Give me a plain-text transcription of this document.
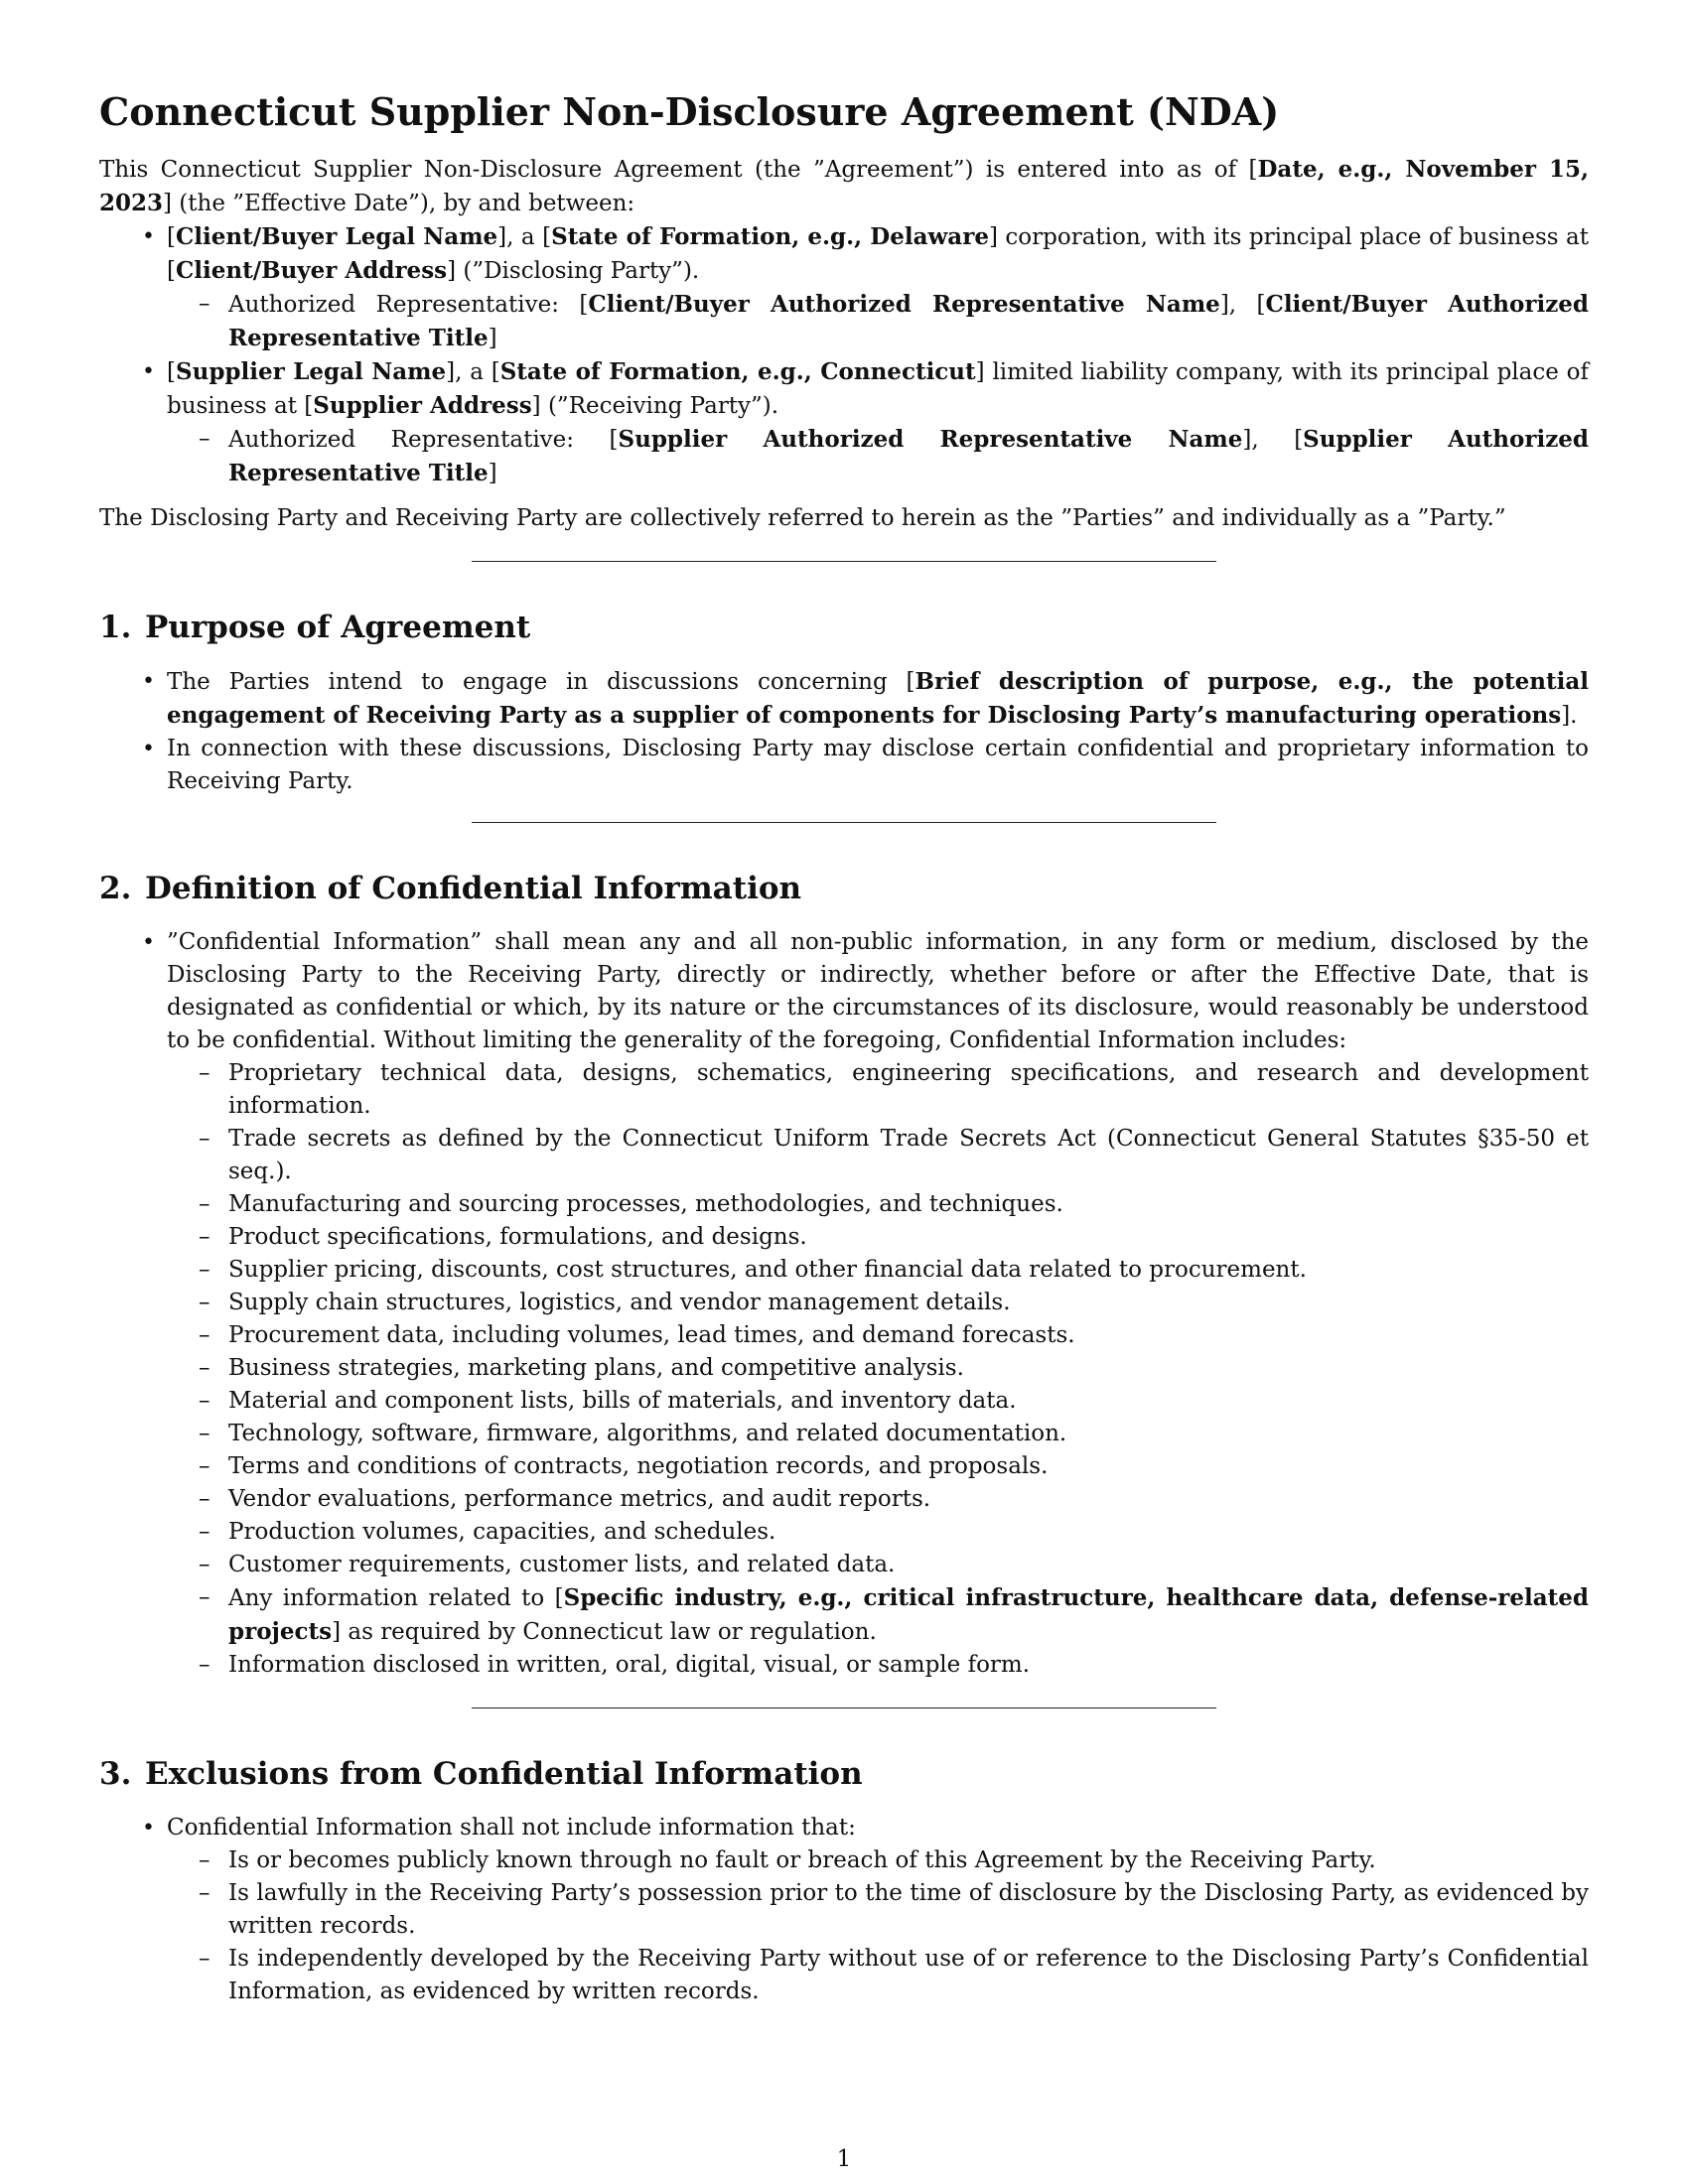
Connecticut Supplier Non-Disclosure Agreement (NDA)

This Connecticut Supplier Non-Disclosure Agreement (the ”Agreement”) is entered into as of [Date, e.g., November 15, 2023] (the ”Effective Date”), by and between:

• [Client/Buyer Legal Name], a [State of Formation, e.g., Delaware] corporation, with its principal place of business at [Client/Buyer Address] (”Disclosing Party”).
– Authorized Representative: [Client/Buyer Authorized Representative Name], [Client/Buyer Authorized Representative Title]
• [Supplier Legal Name], a [State of Formation, e.g., Connecticut] limited liability company, with its principal place of business at [Supplier Address] (”Receiving Party”).
– Authorized Representative: [Supplier Authorized Representative Name], [Supplier Authorized Representative Title]

The Disclosing Party and Receiving Party are collectively referred to herein as the ”Parties” and individually as a ”Party.”

1. Purpose of Agreement
• The Parties intend to engage in discussions concerning [Brief description of purpose, e.g., the potential engagement of Receiving Party as a supplier of components for Disclosing Party’s manufacturing operations].
• In connection with these discussions, Disclosing Party may disclose certain confidential and proprietary information to Receiving Party.
2. Definition of Confidential Information
• ”Confidential Information” shall mean any and all non-public information, in any form or medium, disclosed by the Disclosing Party to the Receiving Party, directly or indirectly, whether before or after the Effective Date, that is designated as confidential or which, by its nature or the circumstances of its disclosure, would reasonably be understood to be confidential. Without limiting the generality of the foregoing, Confidential Information includes:
– Proprietary technical data, designs, schematics, engineering specifications, and research and development information.
– Trade secrets as defined by the Connecticut Uniform Trade Secrets Act (Connecticut General Statutes §35-50 et seq.).
– Manufacturing and sourcing processes, methodologies, and techniques.
– Product specifications, formulations, and designs.
– Supplier pricing, discounts, cost structures, and other financial data related to procurement.
– Supply chain structures, logistics, and vendor management details.
– Procurement data, including volumes, lead times, and demand forecasts.
– Business strategies, marketing plans, and competitive analysis.
– Material and component lists, bills of materials, and inventory data.
– Technology, software, firmware, algorithms, and related documentation.
– Terms and conditions of contracts, negotiation records, and proposals.
– Vendor evaluations, performance metrics, and audit reports.
– Production volumes, capacities, and schedules.
– Customer requirements, customer lists, and related data.
– Any information related to [Specific industry, e.g., critical infrastructure, healthcare data, defense-related projects] as required by Connecticut law or regulation.
– Information disclosed in written, oral, digital, visual, or sample form.
3. Exclusions from Confidential Information
• Confidential Information shall not include information that:
– Is or becomes publicly known through no fault or breach of this Agreement by the Receiving Party.
– Is lawfully in the Receiving Party’s possession prior to the time of disclosure by the Disclosing Party, as evidenced by written records.
– Is independently developed by the Receiving Party without use of or reference to the Disclosing Party’s Confidential Information, as evidenced by written records.
1
